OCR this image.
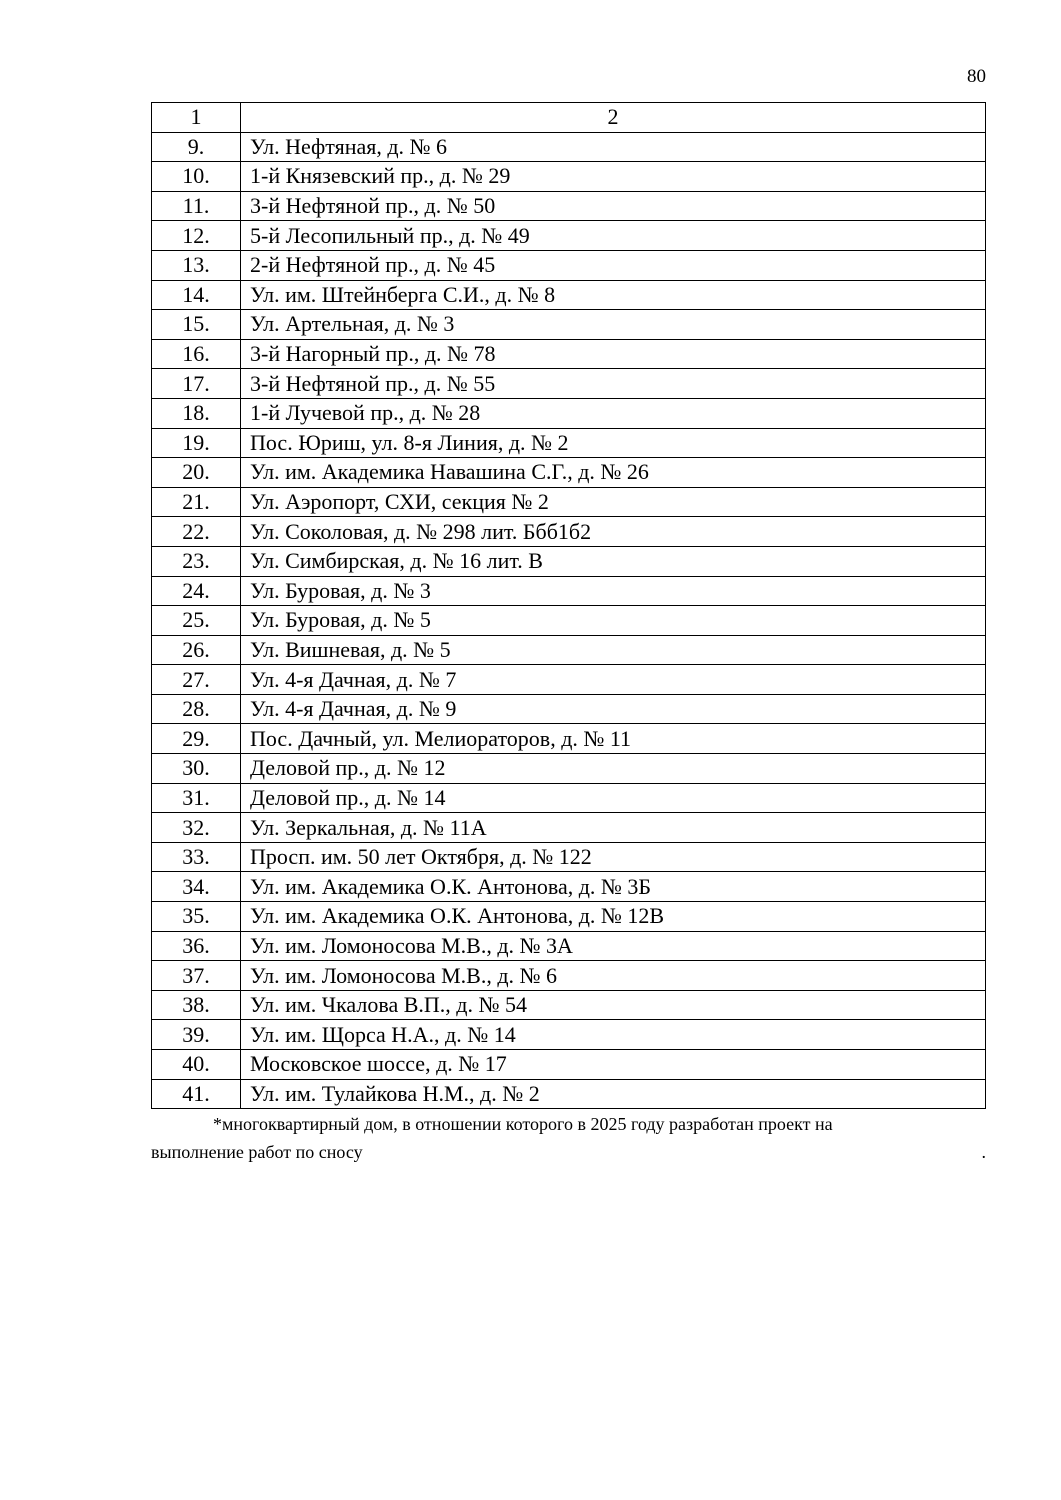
80
1	2
9.	Ул. Нефтяная, д. № 6
10.	1-й Князевский пр., д. № 29
11.	3-й Нефтяной пр., д. № 50
12.	5-й Лесопильный пр., д. № 49
13.	2-й Нефтяной пр., д. № 45
14.	Ул. им. Штейнберга С.И., д. № 8
15.	Ул. Артельная, д. № 3
16.	3-й Нагорный пр., д. № 78
17.	3-й Нефтяной пр., д. № 55
18.	1-й Лучевой пр., д. № 28
19.	Пос. Юриш, ул. 8-я Линия, д. № 2
20.	Ул. им. Академика Навашина С.Г., д. № 26
21.	Ул. Аэропорт, СХИ, секция № 2
22.	Ул. Соколовая, д. № 298 лит. Ббб1б2
23.	Ул. Симбирская, д. № 16 лит. В
24.	Ул. Буровая, д. № 3
25.	Ул. Буровая, д. № 5
26.	Ул. Вишневая, д. № 5
27.	Ул. 4-я Дачная, д. № 7
28.	Ул. 4-я Дачная, д. № 9
29.	Пос. Дачный, ул. Мелиораторов, д. № 11
30.	Деловой пр., д. № 12
31.	Деловой пр., д. № 14
32.	Ул. Зеркальная, д. № 11А
33.	Просп. им. 50 лет Октября, д. № 122
34.	Ул. им. Академика О.К. Антонова, д. № 3Б
35.	Ул. им. Академика О.К. Антонова, д. № 12В
36.	Ул. им. Ломоносова М.В., д. № 3А
37.	Ул. им. Ломоносова М.В., д. № 6
38.	Ул. им. Чкалова В.П., д. № 54
39.	Ул. им. Щорса Н.А., д. № 14
40.	Московское шоссе, д. № 17
41.	Ул. им. Тулайкова Н.М., д. № 2
*многоквартирный дом, в отношении которого в 2025 году разработан проект на
выполнение работ по сносу	.
